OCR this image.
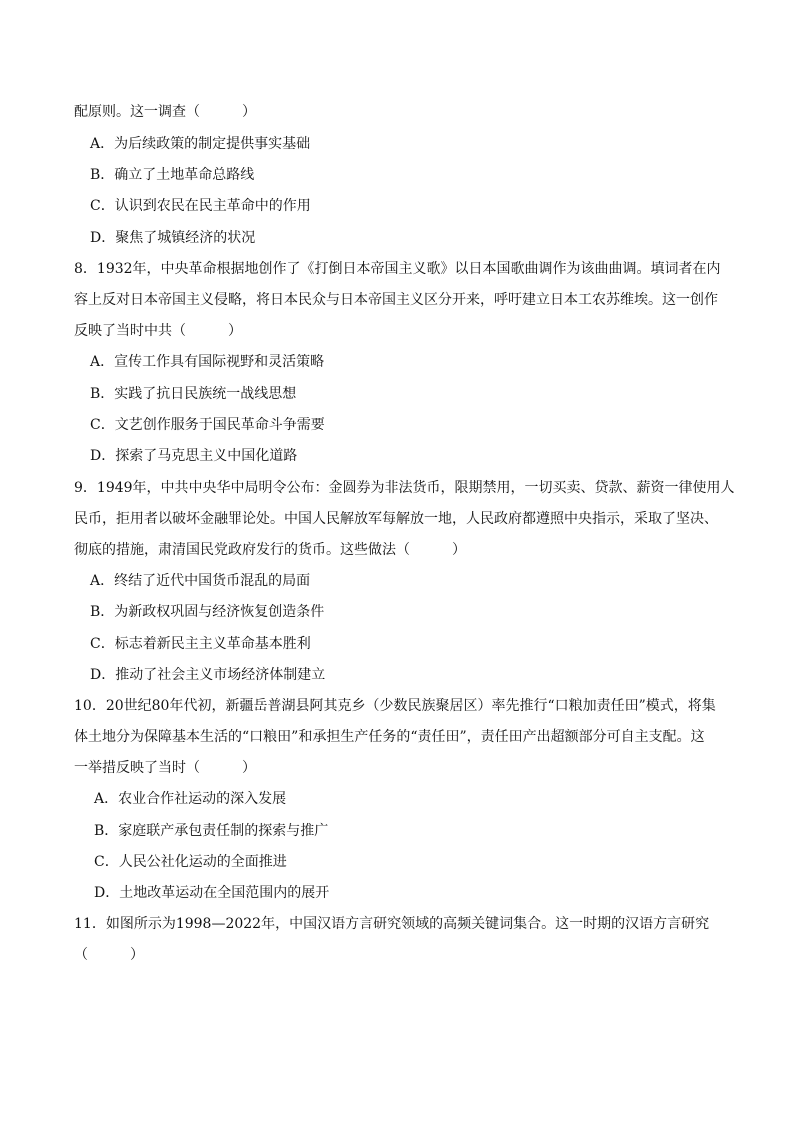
配原则。这一调查（　　　）
A．为后续政策的制定提供事实基础
B．确立了土地革命总路线
C．认识到农民在民主革命中的作用
D．聚焦了城镇经济的状况
8．1932年，中央革命根据地创作了《打倒日本帝国主义歌》以日本国歌曲调作为该曲曲调。填词者在内
容上反对日本帝国主义侵略，将日本民众与日本帝国主义区分开来，呼吁建立日本工农苏维埃。这一创作
反映了当时中共（　　　）
A．宣传工作具有国际视野和灵活策略
B．实践了抗日民族统一战线思想
C．文艺创作服务于国民革命斗争需要
D．探索了马克思主义中国化道路
9．1949年，中共中央华中局明令公布：金圆券为非法货币，限期禁用，一切买卖、贷款、薪资一律使用人
民币，拒用者以破坏金融罪论处。中国人民解放军每解放一地，人民政府都遵照中央指示，采取了坚决、
彻底的措施，肃清国民党政府发行的货币。这些做法（　　　）
A．终结了近代中国货币混乱的局面
B．为新政权巩固与经济恢复创造条件
C．标志着新民主主义革命基本胜利
D．推动了社会主义市场经济体制建立
10．20世纪80年代初，新疆岳普湖县阿其克乡（少数民族聚居区）率先推行“口粮加责任田”模式，将集
体土地分为保障基本生活的“口粮田”和承担生产任务的“责任田”，责任田产出超额部分可自主支配。这
一举措反映了当时（　　　）
A．农业合作社运动的深入发展
B．家庭联产承包责任制的探索与推广
C．人民公社化运动的全面推进
D．土地改革运动在全国范围内的展开
11．如图所示为1998—2022年，中国汉语方言研究领域的高频关键词集合。这一时期的汉语方言研究
（　　　）
